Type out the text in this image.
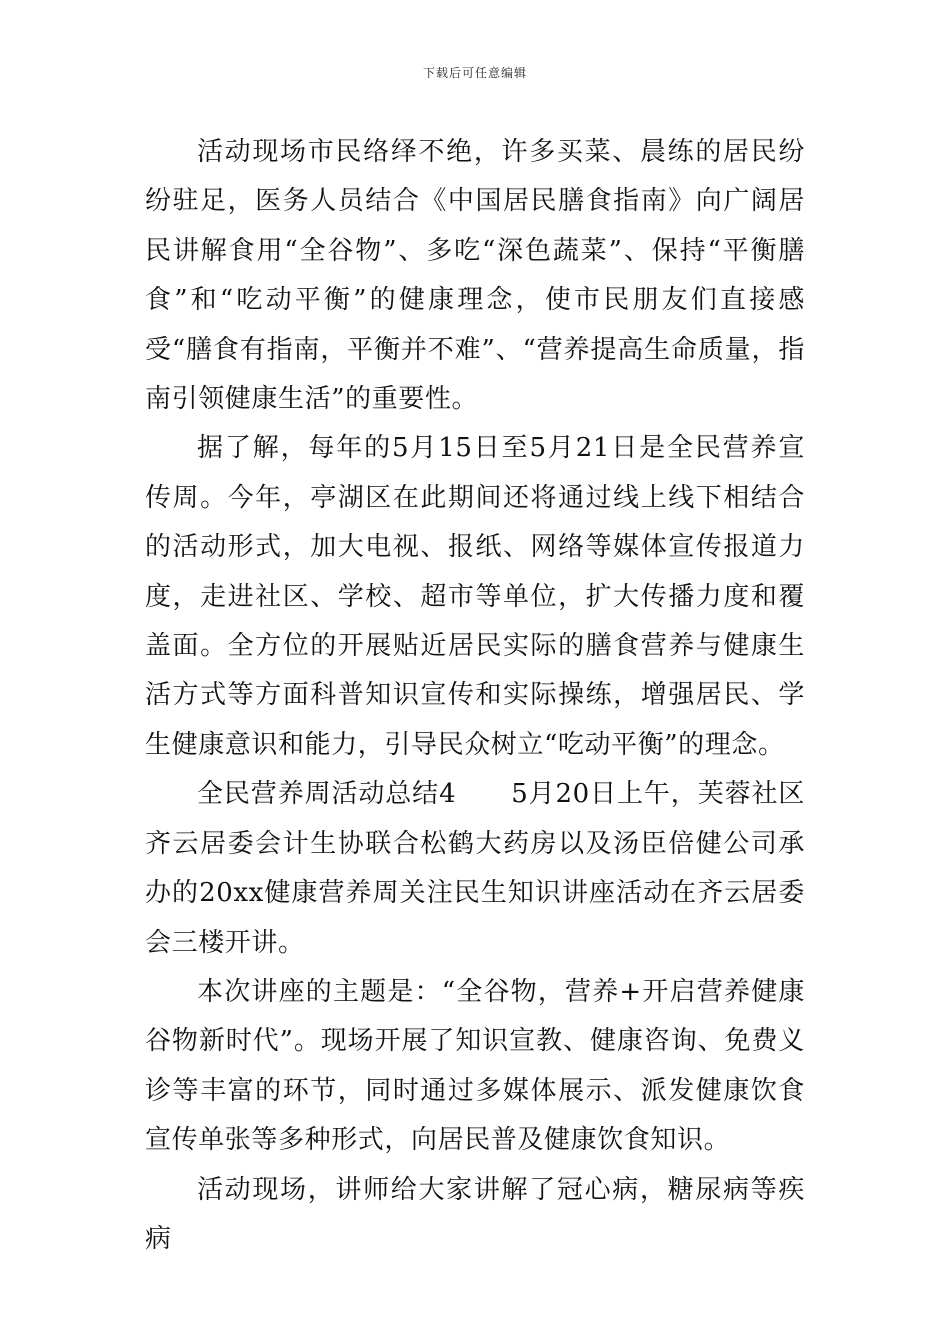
下载后可任意编辑

活动现场市民络绎不绝，许多买菜、晨练的居民纷纷驻足，医务人员结合《中国居民膳食指南》向广阔居民讲解食用“全谷物”、多吃“深色蔬菜”、保持“平衡膳食”和“吃动平衡”的健康理念，使市民朋友们直接感受“膳食有指南，平衡并不难”、“营养提高生命质量，指南引领健康生活”的重要性。

据了解，每年的5月15日至5月21日是全民营养宣传周。今年，亭湖区在此期间还将通过线上线下相结合的活动形式，加大电视、报纸、网络等媒体宣传报道力度，走进社区、学校、超市等单位，扩大传播力度和覆盖面。全方位的开展贴近居民实际的膳食营养与健康生活方式等方面科普知识宣传和实际操练，增强居民、学生健康意识和能力，引导民众树立“吃动平衡”的理念。

全民营养周活动总结4 5月20日上午，芙蓉社区齐云居委会计生协联合松鹤大药房以及汤臣倍健公司承办的20xx健康营养周关注民生知识讲座活动在齐云居委会三楼开讲。

本次讲座的主题是：“全谷物，营养+开启营养健康谷物新时代”。现场开展了知识宣教、健康咨询、免费义诊等丰富的环节，同时通过多媒体展示、派发健康饮食宣传单张等多种形式，向居民普及健康饮食知识。

活动现场，讲师给大家讲解了冠心病，糖尿病等疾病
